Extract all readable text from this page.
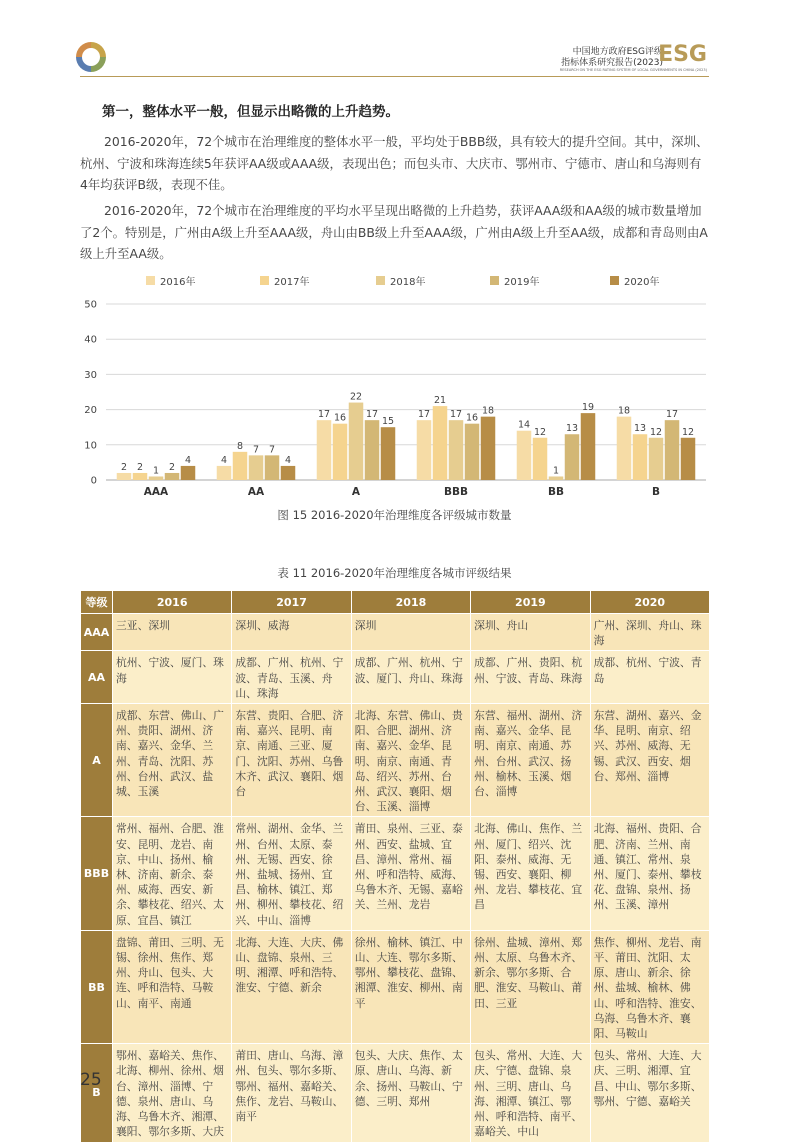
中国地方政府ESG评级
指标体系研究报告(2023)
RESEARCH ON THE ESG RATING SYSTEM OF LOCAL GOVERNMENTS IN CHINA (2023)
ESG
第一，整体水平一般，但显示出略微的上升趋势。
2016-2020年，72个城市在治理维度的整体水平一般，平均处于BBB级，具有较大的提升空间。其中，深圳、杭州、宁波和珠海连续5年获评AA级或AAA级，表现出色；而包头市、大庆市、鄂州市、宁德市、唐山和乌海则有4年均获评B级，表现不佳。
2016-2020年，72个城市在治理维度的平均水平呈现出略微的上升趋势，获评AAA级和AA级的城市数量增加了2个。特别是，广州由A级上升至AAA级，舟山由BB级上升至AAA级，广州由A级上升至AA级，成都和青岛则由A级上升至AA级。
2016年	2017年	2018年	2019年	2020年
0
10
20
30
40
50
2 2 1 2
4
AAA
4
8 7 7
4
AA
17 16
22
17
15
A
17
21
17 16
18
BBB
14
12
1
13
19
BB
18
13 12
17
12
B
图 15 2016-2020年治理维度各评级城市数量
表 11 2016-2020年治理维度各城市评级结果
等级	2016	2017	2018	2019	2020
AAA	三亚、深圳	深圳、威海	深圳	深圳、舟山	广州、深圳、舟山、珠海

AA	杭州、宁波、厦门、珠海	成都、广州、杭州、宁波、青岛、玉溪、舟山、珠海	成都、广州、杭州、宁波、厦门、舟山、珠海	成都、广州、贵阳、杭州、宁波、青岛、珠海	成都、杭州、宁波、青岛

A	成都、东营、佛山、广州、贵阳、湖州、济南、嘉兴、金华、兰州、青岛、沈阳、苏州、台州、武汉、盐城、玉溪	东营、贵阳、合肥、济南、嘉兴、昆明、南京、南通、三亚、厦门、沈阳、苏州、乌鲁木齐、武汉、襄阳、烟台	北海、东营、佛山、贵阳、合肥、湖州、济南、嘉兴、金华、昆明、南京、南通、青岛、绍兴、苏州、台州、武汉、襄阳、烟台、玉溪、淄博	东营、福州、湖州、济南、嘉兴、金华、昆明、南京、南通、苏州、台州、武汉、扬州、榆林、玉溪、烟台、淄博	东营、湖州、嘉兴、金华、昆明、南京、绍兴、苏州、威海、无锡、武汉、西安、烟台、郑州、淄博

BBB	常州、福州、合肥、淮安、昆明、龙岩、南京、中山、扬州、榆林、济南、新余、泰州、威海、西安、新余、攀枝花、绍兴、太原、宜昌、镇江	常州、湖州、金华、兰州、台州、太原、泰州、无锡、西安、徐州、盐城、扬州、宜昌、榆林、镇江、郑州、柳州、攀枝花、绍兴、中山、淄博	莆田、泉州、三亚、泰州、西安、盐城、宜昌、漳州、常州、福州、呼和浩特、威海、乌鲁木齐、无锡、嘉峪关、兰州、龙岩	北海、佛山、焦作、兰州、厦门、绍兴、沈阳、泰州、威海、无锡、西安、襄阳、柳州、龙岩、攀枝花、宜昌	北海、福州、贵阳、合肥、济南、兰州、南通、镇江、常州、泉州、厦门、泰州、攀枝花、盘锦、泉州、扬州、玉溪、漳州

BB	盘锦、莆田、三明、无锡、徐州、焦作、郑州、舟山、包头、大连、呼和浩特、马鞍山、南平、南通	北海、大连、大庆、佛山、盘锦、泉州、三明、湘潭、呼和浩特、淮安、宁德、新余	徐州、榆林、镇江、中山、大连、鄂尔多斯、鄂州、攀枝花、盘锦、湘潭、淮安、柳州、南平	徐州、盐城、漳州、郑州、太原、乌鲁木齐、新余、鄂尔多斯、合肥、淮安、马鞍山、莆田、三亚	焦作、柳州、龙岩、南平、莆田、沈阳、太原、唐山、新余、徐州、盐城、榆林、佛山、呼和浩特、淮安、乌海、乌鲁木齐、襄阳、马鞍山

B	鄂州、嘉峪关、焦作、北海、柳州、徐州、烟台、漳州、淄博、宁德、泉州、唐山、乌海、乌鲁木齐、湘潭、襄阳、鄂尔多斯、大庆	莆田、唐山、乌海、漳州、包头、鄂尔多斯、鄂州、福州、嘉峪关、焦作、龙岩、马鞍山、南平	包头、大庆、焦作、太原、唐山、乌海、新余、扬州、马鞍山、宁德、三明、郑州	包头、常州、大连、大庆、宁德、盘锦、泉州、三明、唐山、乌海、湘潭、镇江、鄂州、呼和浩特、南平、嘉峪关、中山	包头、常州、大连、大庆、三明、湘潭、宜昌、中山、鄂尔多斯、鄂州、宁德、嘉峪关
25
